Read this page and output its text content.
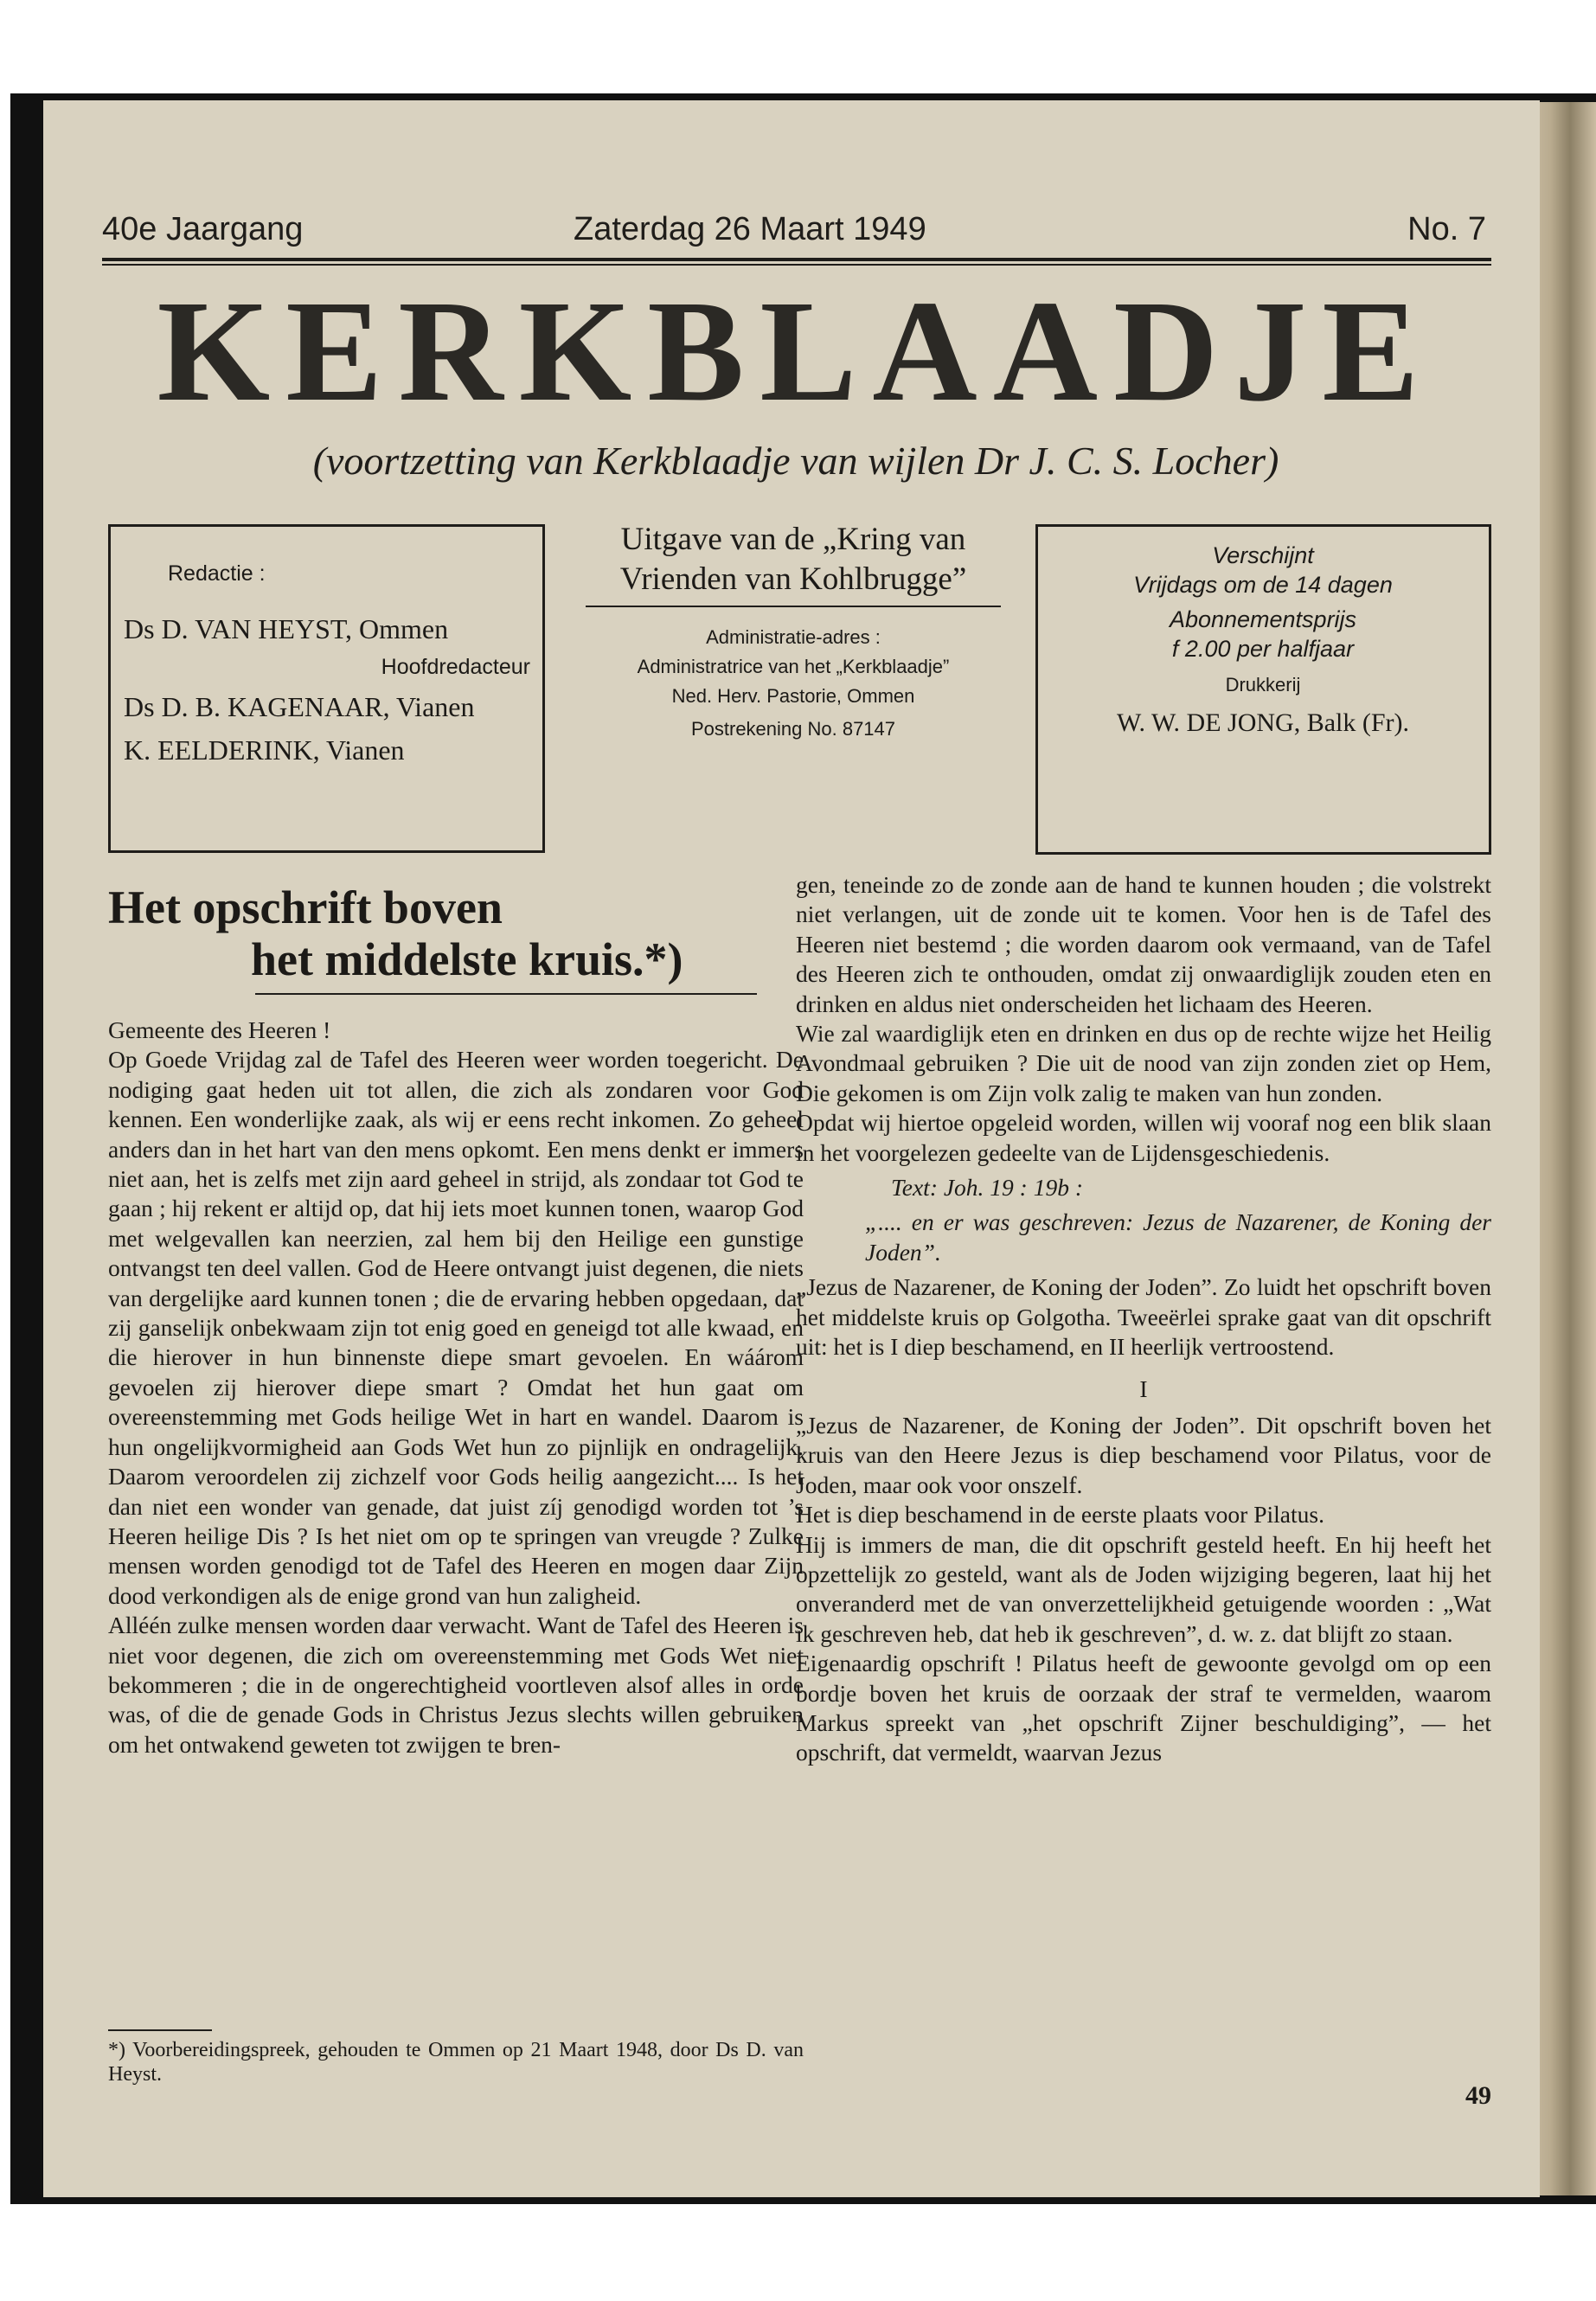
40e Jaargang	Zaterdag 26 Maart 1949	No. 7
KERKBLAADJE
(voortzetting van Kerkblaadje van wijlen Dr J. C. S. Locher)
Redactie :
Ds D. VAN HEYST, Ommen
Hoofdredacteur
Ds D. B. KAGENAAR, Vianen
K. EELDERINK, Vianen
Uitgave van de „Kring van
Vrienden van Kohlbrugge”
Administratie-adres :
Administratrice van het „Kerkblaadje”
Ned. Herv. Pastorie, Ommen
Postrekening No. 87147
Verschijnt
Vrijdags om de 14 dagen
Abonnementsprijs
f 2.00 per halfjaar
Drukkerij
W. W. DE JONG, Balk (Fr).
Het opschrift boven
het middelste kruis.*)

Gemeente des Heeren !

Op Goede Vrijdag zal de Tafel des Heeren weer worden toegericht. De nodiging gaat heden uit tot allen, die zich als zondaren voor God kennen. Een wonderlijke zaak, als wij er eens recht inkomen. Zo geheel anders dan in het hart van den mens opkomt. Een mens denkt er immers niet aan, het is zelfs met zijn aard geheel in strijd, als zondaar tot God te gaan ; hij rekent er altijd op, dat hij iets moet kunnen tonen, waarop God met welgevallen kan neerzien, zal hem bij den Heilige een gunstige ontvangst ten deel vallen. God de Heere ontvangt juist degenen, die niets van dergelijke aard kunnen tonen ; die de ervaring hebben opgedaan, dat zij ganselijk onbekwaam zijn tot enig goed en geneigd tot alle kwaad, en die hierover in hun binnenste diepe smart gevoelen. En wáárom gevoelen zij hierover diepe smart ? Omdat het hun gaat om overeenstemming met Gods heilige Wet in hart en wandel. Daarom is hun ongelijkvormigheid aan Gods Wet hun zo pijnlijk en ondragelijk. Daarom veroordelen zij zichzelf voor Gods heilig aangezicht.... Is het dan niet een wonder van genade, dat juist zíj genodigd worden tot ’s Heeren heilige Dis ? Is het niet om op te springen van vreugde ? Zulke mensen worden genodigd tot de Tafel des Heeren en mogen daar Zijn dood verkondigen als de enige grond van hun zaligheid.

Alléén zulke mensen worden daar verwacht. Want de Tafel des Heeren is niet voor degenen, die zich om overeenstemming met Gods Wet niet bekommeren ; die in de ongerechtigheid voortleven alsof alles in orde was, of die de genade Gods in Christus Jezus slechts willen gebruiken om het ontwakend geweten tot zwijgen te bren-

*) Voorbereidingspreek, gehouden te Ommen op 21 Maart 1948, door Ds D. van Heyst.

gen, teneinde zo de zonde aan de hand te kunnen houden ; die volstrekt niet verlangen, uit de zonde uit te komen. Voor hen is de Tafel des Heeren niet bestemd ; die worden daarom ook vermaand, van de Tafel des Heeren zich te onthouden, omdat zij onwaardiglijk zouden eten en drinken en aldus niet onderscheiden het lichaam des Heeren.

Wie zal waardiglijk eten en drinken en dus op de rechte wijze het Heilig Avondmaal gebruiken ? Die uit de nood van zijn zonden ziet op Hem, Die gekomen is om Zijn volk zalig te maken van hun zonden.

Opdat wij hiertoe opgeleid worden, willen wij vooraf nog een blik slaan in het voorgelezen gedeelte van de Lijdensgeschiedenis.

Text: Joh. 19 : 19b :

„.... en er was geschreven: Jezus de Nazarener, de Koning der Joden”.

„Jezus de Nazarener, de Koning der Joden”. Zo luidt het opschrift boven het middelste kruis op Golgotha. Tweeërlei sprake gaat van dit opschrift uit: het is I diep beschamend, en II heerlijk vertroostend.

I

„Jezus de Nazarener, de Koning der Joden”. Dit opschrift boven het kruis van den Heere Jezus is diep beschamend voor Pilatus, voor de Joden, maar ook voor onszelf.

Het is diep beschamend in de eerste plaats voor Pilatus.

Hij is immers de man, die dit opschrift gesteld heeft. En hij heeft het opzettelijk zo gesteld, want als de Joden wijziging begeren, laat hij het onveranderd met de van onverzettelijkheid getuigende woorden : „Wat ik geschreven heb, dat heb ik geschreven”, d. w. z. dat blijft zo staan.

Eigenaardig opschrift ! Pilatus heeft de gewoonte gevolgd om op een bordje boven het kruis de oorzaak der straf te vermelden, waarom Markus spreekt van „het opschrift Zijner beschuldiging”, — het opschrift, dat vermeldt, waarvan Jezus

49
